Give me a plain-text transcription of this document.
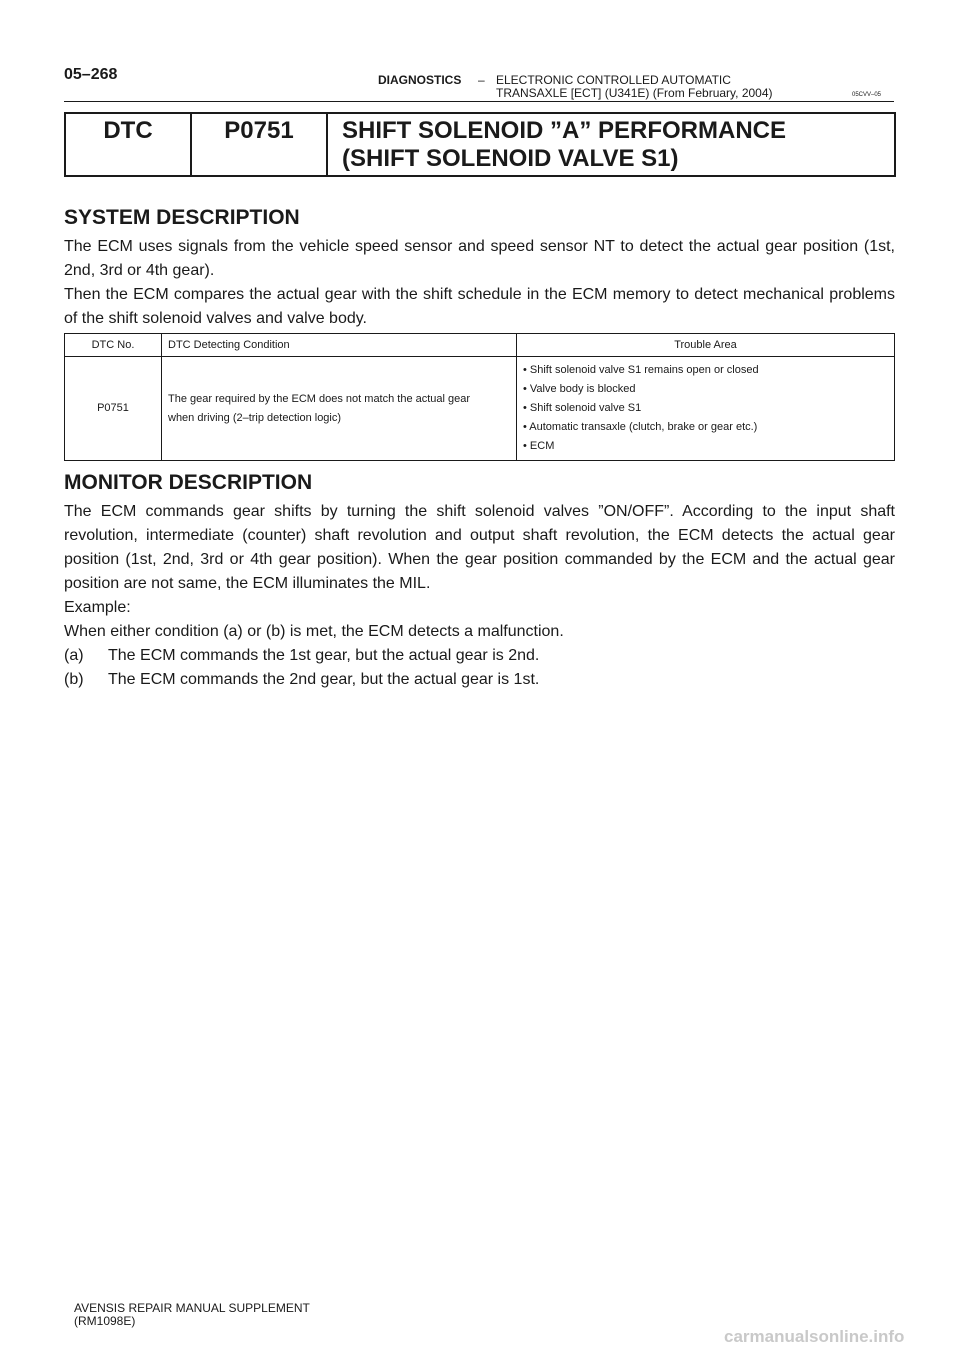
05–268	DIAGNOSTICS – ELECTRONIC CONTROLLED AUTOMATIC
TRANSAXLE [ECT] (U341E) (From February, 2004)	05CVV–05
DTC	P0751	SHIFT SOLENOID ”A” PERFORMANCE
(SHIFT SOLENOID VALVE S1)
SYSTEM DESCRIPTION
The ECM uses signals from the vehicle speed sensor and speed sensor NT to detect the actual gear position (1st, 2nd, 3rd or 4th gear).
Then the ECM compares the actual gear with the shift schedule in the ECM memory to detect mechanical problems of the shift solenoid valves and valve body.
DTC No.	DTC Detecting Condition	Trouble Area
P0751	The gear required by the ECM does not match the actual gear
when driving (2–trip detection logic)	• Shift solenoid valve S1 remains open or closed
• Valve body is blocked
• Shift solenoid valve S1
• Automatic transaxle (clutch, brake or gear etc.)
• ECM
MONITOR DESCRIPTION
The ECM commands gear shifts by turning the shift solenoid valves ”ON/OFF”. According to the input shaft revolution, intermediate (counter) shaft revolution and output shaft revolution, the ECM detects the actual gear position (1st, 2nd, 3rd or 4th gear position). When the gear position commanded by the ECM and the actual gear position are not same, the ECM illuminates the MIL.
Example:
When either condition (a) or (b) is met, the ECM detects a malfunction.
(a)	The ECM commands the 1st gear, but the actual gear is 2nd.
(b)	The ECM commands the 2nd gear, but the actual gear is 1st.
AVENSIS REPAIR MANUAL SUPPLEMENT
(RM1098E)
carmanualsonline.info
